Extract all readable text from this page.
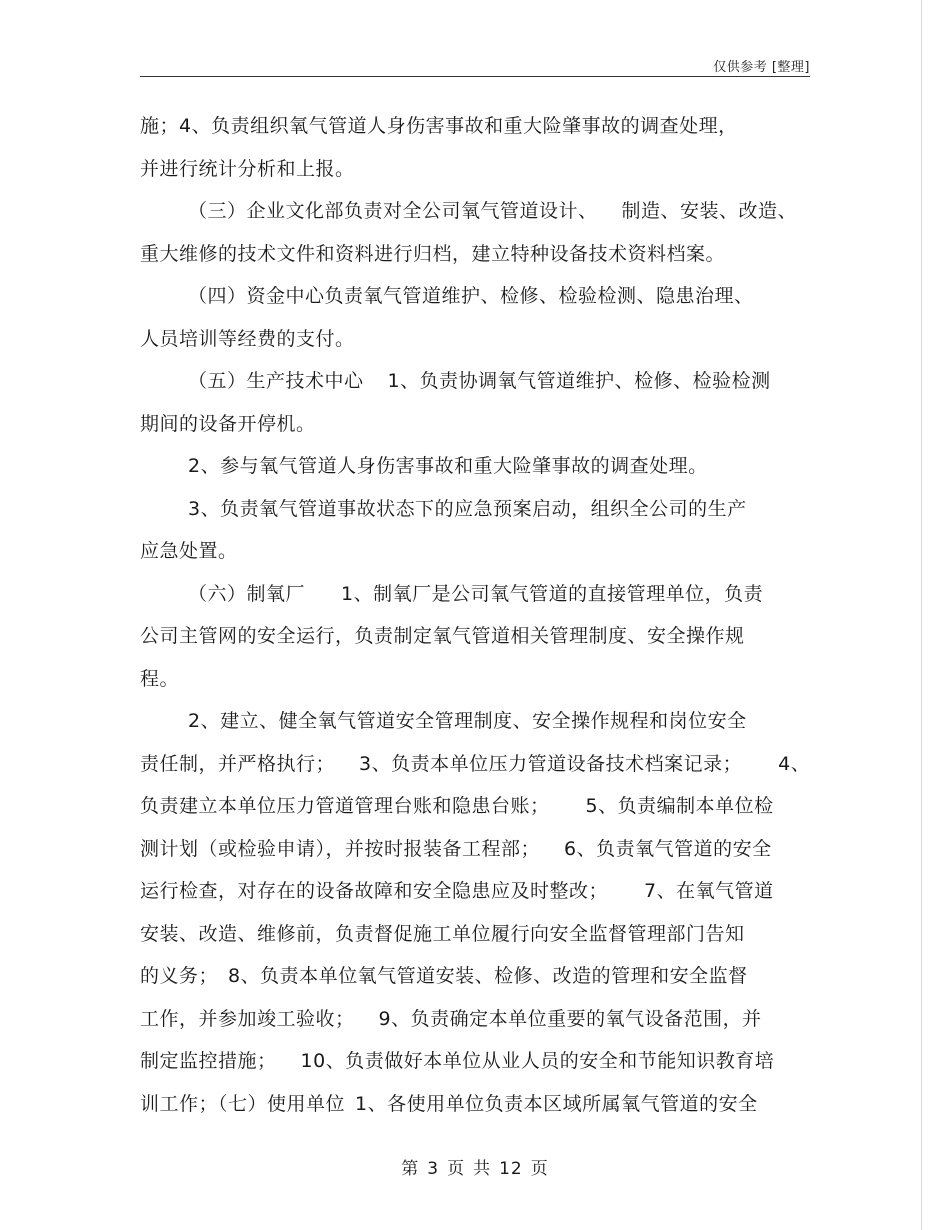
仅供参考 [整理]
施；4、负责组织氧气管道人身伤害事故和重大险肇事故的调查处理，
并进行统计分析和上报。
（三）企业文化部负责对全公司氧气管道设计、 制造、安装、改造、
重大维修的技术文件和资料进行归档，建立特种设备技术资料档案。
（四）资金中心负责氧气管道维护、检修、检验检测、隐患治理、
人员培训等经费的支付。
（五）生产技术中心 1、负责协调氧气管道维护、检修、检验检测
期间的设备开停机。
2、参与氧气管道人身伤害事故和重大险肇事故的调查处理。
3、负责氧气管道事故状态下的应急预案启动，组织全公司的生产
应急处置。
（六）制氧厂 1、制氧厂是公司氧气管道的直接管理单位，负责
公司主管网的安全运行，负责制定氧气管道相关管理制度、安全操作规
程。
2、建立、健全氧气管道安全管理制度、安全操作规程和岗位安全
责任制，并严格执行； 3、负责本单位压力管道设备技术档案记录； 4、
负责建立本单位压力管道管理台账和隐患台账； 5、负责编制本单位检
测计划（或检验申请），并按时报装备工程部； 6、负责氧气管道的安全
运行检查，对存在的设备故障和安全隐患应及时整改； 7、在氧气管道
安装、改造、维修前，负责督促施工单位履行向安全监督管理部门告知
的义务； 8、负责本单位氧气管道安装、检修、改造的管理和安全监督
工作，并参加竣工验收； 9、负责确定本单位重要的氧气设备范围，并
制定监控措施； 10、负责做好本单位从业人员的安全和节能知识教育培
训工作；（七）使用单位 1、各使用单位负责本区域所属氧气管道的安全
第 3 页 共 12 页
